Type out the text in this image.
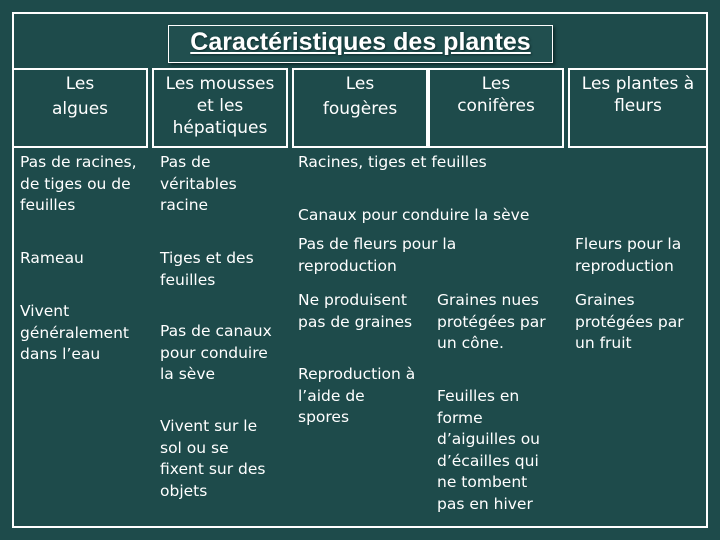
Caractéristiques des plantes
Les
algues
Les mousses
et les
hépatiques
Les
fougères
Les
conifères
Les plantes à
fleurs
Pas de racines,
de tiges ou de
feuilles
Rameau
Vivent
généralement
dans l’eau
Pas de
véritables
racine
Tiges et des
feuilles
Pas de canaux
pour conduire
la sève
Vivent sur le
sol ou se
fixent sur des
objets
Racines, tiges et feuilles
Canaux pour conduire la sève
Pas de fleurs pour la
reproduction
Ne produisent
pas de graines
Reproduction à
l’aide de
spores
Graines nues
protégées par
un cône.
Feuilles en
forme
d’aiguilles ou
d’écailles qui
ne tombent
pas en hiver
Fleurs pour la
reproduction
Graines
protégées par
un fruit
